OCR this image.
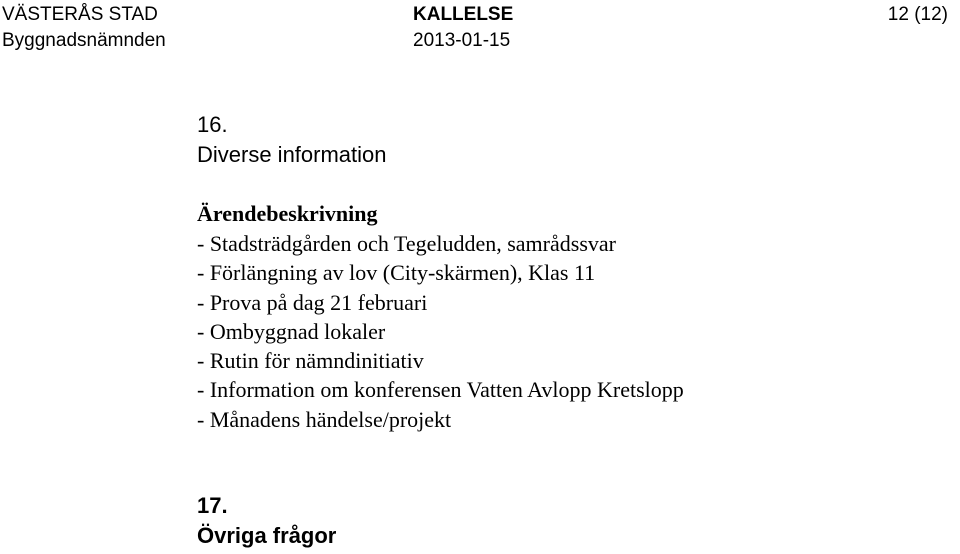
VÄSTERÅS STAD
Byggnadsnämnden
KALLELSE
2013-01-15
12 (12)
16.
Diverse information
Ärendebeskrivning
- Stadsträdgården och Tegeludden, samrådssvar
- Förlängning av lov (City-skärmen), Klas 11
- Prova på dag 21 februari
- Ombyggnad lokaler
- Rutin för nämndinitiativ
- Information om konferensen Vatten Avlopp Kretslopp
- Månadens händelse/projekt
17.
Övriga frågor
